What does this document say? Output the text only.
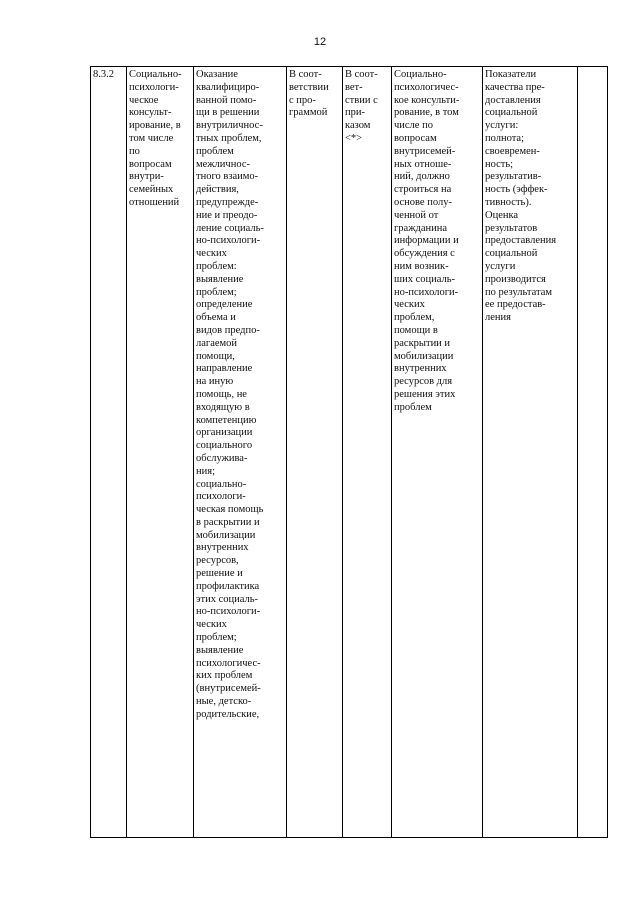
12
8.3.2	Социально-
психологи-
ческое
консульт-
ирование, в
том числе
по
вопросам
внутри-
семейных
отношений	Оказание
квалифициро-
ванной помо-
щи в решении
внутриличнос-
тных проблем,
проблем
межличнос-
тного взаимо-
действия,
предупрежде-
ние и преодо-
ление социаль-
но-психологи-
ческих
проблем:
выявление
проблем;
определение
объема и
видов предпо-
лагаемой
помощи,
направление
на иную
помощь, не
входящую в
компетенцию
организации
социального
обслужива-
ния;
социально-
психологи-
ческая помощь
в раскрытии и
мобилизации
внутренних
ресурсов,
решение и
профилактика
этих социаль-
но-психологи-
ческих
проблем;
выявление
психологичес-
ких проблем
(внутрисемей-
ные, детско-
родительские,	В соот-
ветствии
с про-
граммой	В соот-
вет-
ствии с
при-
казом
<*>	Социально-
психологичес-
кое консульти-
рование, в том
числе по
вопросам
внутрисемей-
ных отноше-
ний, должно
строиться на
основе полу-
ченной от
гражданина
информации и
обсуждения с
ним возник-
ших социаль-
но-психологи-
ческих
проблем,
помощи в
раскрытии и
мобилизации
внутренних
ресурсов для
решения этих
проблем	Показатели
качества пре-
доставления
социальной
услуги:
полнота;
своевремен-
ность;
результатив-
ность (эффек-
тивность).
Оценка
результатов
предоставления
социальной
услуги
производится
по результатам
ее предостав-
ления	
